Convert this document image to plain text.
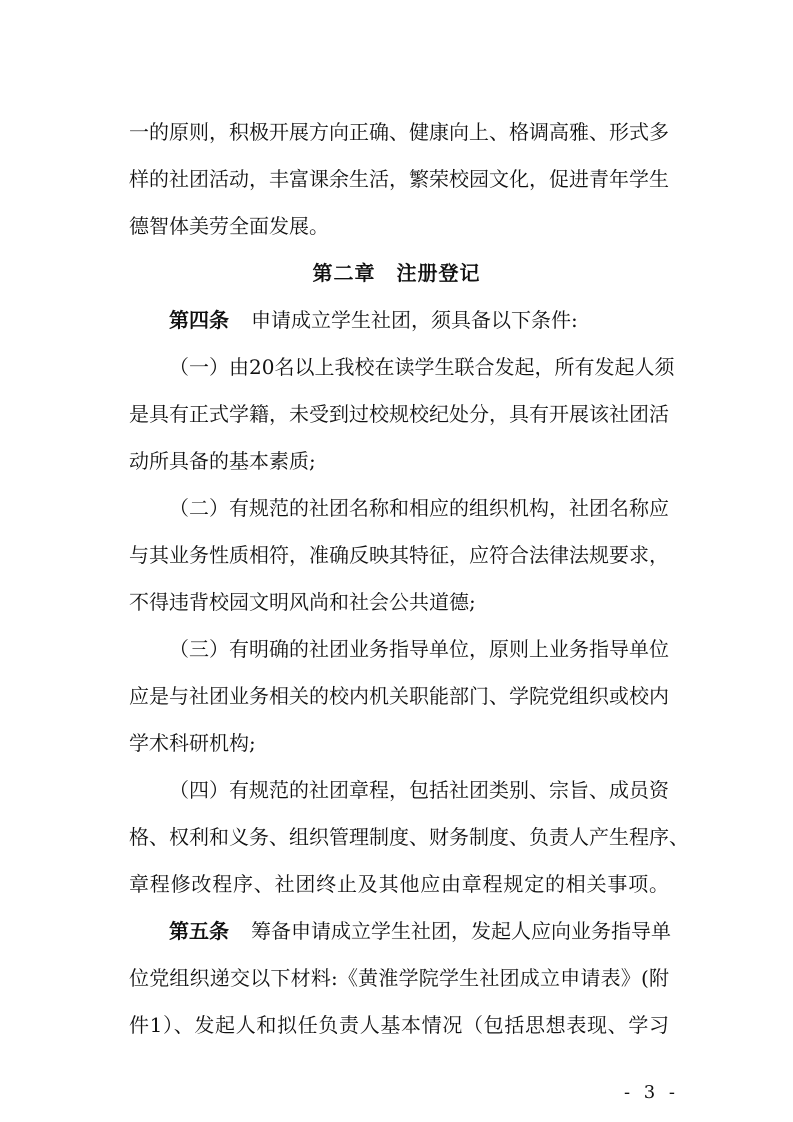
一的原则，积极开展方向正确、健康向上、格调高雅、形式多
样的社团活动，丰富课余生活，繁荣校园文化，促进青年学生
德智体美劳全面发展。
第二章　注册登记
第四条 申请成立学生社团，须具备以下条件:
（一）由20名以上我校在读学生联合发起，所有发起人须
是具有正式学籍，未受到过校规校纪处分，具有开展该社团活
动所具备的基本素质;
（二）有规范的社团名称和相应的组织机构，社团名称应
与其业务性质相符，准确反映其特征，应符合法律法规要求，
不得违背校园文明风尚和社会公共道德;
（三）有明确的社团业务指导单位，原则上业务指导单位
应是与社团业务相关的校内机关职能部门、学院党组织或校内
学术科研机构;
（四）有规范的社团章程，包括社团类别、宗旨、成员资
格、权利和义务、组织管理制度、财务制度、负责人产生程序、
章程修改程序、社团终止及其他应由章程规定的相关事项。
第五条 筹备申请成立学生社团，发起人应向业务指导单
- 3 -
位党组织递交以下材料:《黄淮学院学生社团成立申请表》(附
件1）、发起人和拟任负责人基本情况（包括思想表现、学习
